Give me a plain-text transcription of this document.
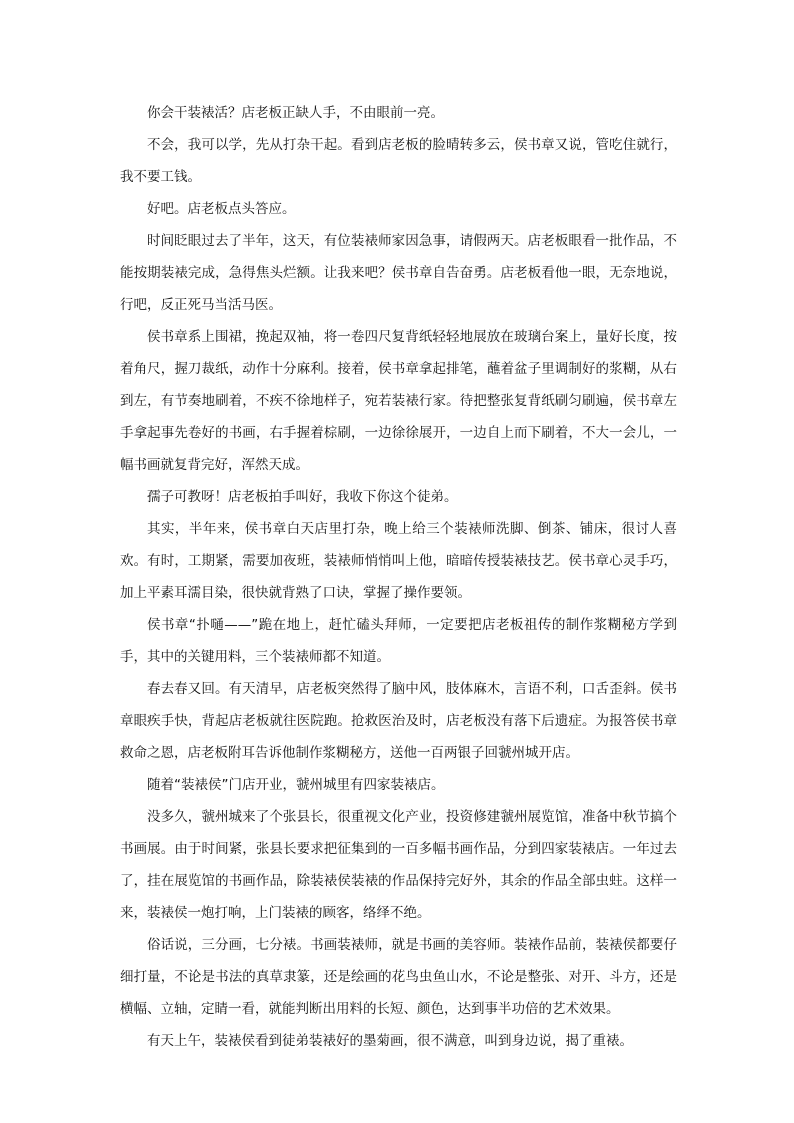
你会干装裱活？店老板正缺人手，不由眼前一亮。

不会，我可以学，先从打杂干起。看到店老板的脸晴转多云，侯书章又说，管吃住就行，我不要工钱。

好吧。店老板点头答应。

时间眨眼过去了半年，这天，有位装裱师家因急事，请假两天。店老板眼看一批作品，不能按期装裱完成，急得焦头烂额。让我来吧？侯书章自告奋勇。店老板看他一眼，无奈地说，行吧，反正死马当活马医。

侯书章系上围裙，挽起双袖，将一卷四尺复背纸轻轻地展放在玻璃台案上，量好长度，按着角尺，握刀裁纸，动作十分麻利。接着，侯书章拿起排笔，蘸着盆子里调制好的浆糊，从右到左，有节奏地刷着，不疾不徐地样子，宛若装裱行家。待把整张复背纸刷匀刷遍，侯书章左手拿起事先卷好的书画，右手握着棕刷，一边徐徐展开，一边自上而下刷着，不大一会儿，一幅书画就复背完好，浑然天成。

孺子可教呀！店老板拍手叫好，我收下你这个徒弟。

其实，半年来，侯书章白天店里打杂，晚上给三个装裱师洗脚、倒茶、铺床，很讨人喜欢。有时，工期紧，需要加夜班，装裱师悄悄叫上他，暗暗传授装裱技艺。侯书章心灵手巧，加上平素耳濡目染，很快就背熟了口诀，掌握了操作要领。

侯书章“扑嗵——”跪在地上，赶忙磕头拜师，一定要把店老板祖传的制作浆糊秘方学到手，其中的关键用料，三个装裱师都不知道。

春去春又回。有天清早，店老板突然得了脑中风，肢体麻木，言语不利，口舌歪斜。侯书章眼疾手快，背起店老板就往医院跑。抢救医治及时，店老板没有落下后遗症。为报答侯书章救命之恩，店老板附耳告诉他制作浆糊秘方，送他一百两银子回虢州城开店。

随着“装裱侯”门店开业，虢州城里有四家装裱店。

没多久，虢州城来了个张县长，很重视文化产业，投资修建虢州展览馆，准备中秋节搞个书画展。由于时间紧，张县长要求把征集到的一百多幅书画作品，分到四家装裱店。一年过去了，挂在展览馆的书画作品，除装裱侯装裱的作品保持完好外，其余的作品全部虫蛀。这样一来，装裱侯一炮打响，上门装裱的顾客，络绎不绝。

俗话说，三分画，七分裱。书画装裱师，就是书画的美容师。装裱作品前，装裱侯都要仔细打量，不论是书法的真草隶篆，还是绘画的花鸟虫鱼山水，不论是整张、对开、斗方，还是横幅、立轴，定睛一看，就能判断出用料的长短、颜色，达到事半功倍的艺术效果。

有天上午，装裱侯看到徒弟装裱好的墨菊画，很不满意，叫到身边说，揭了重裱。
